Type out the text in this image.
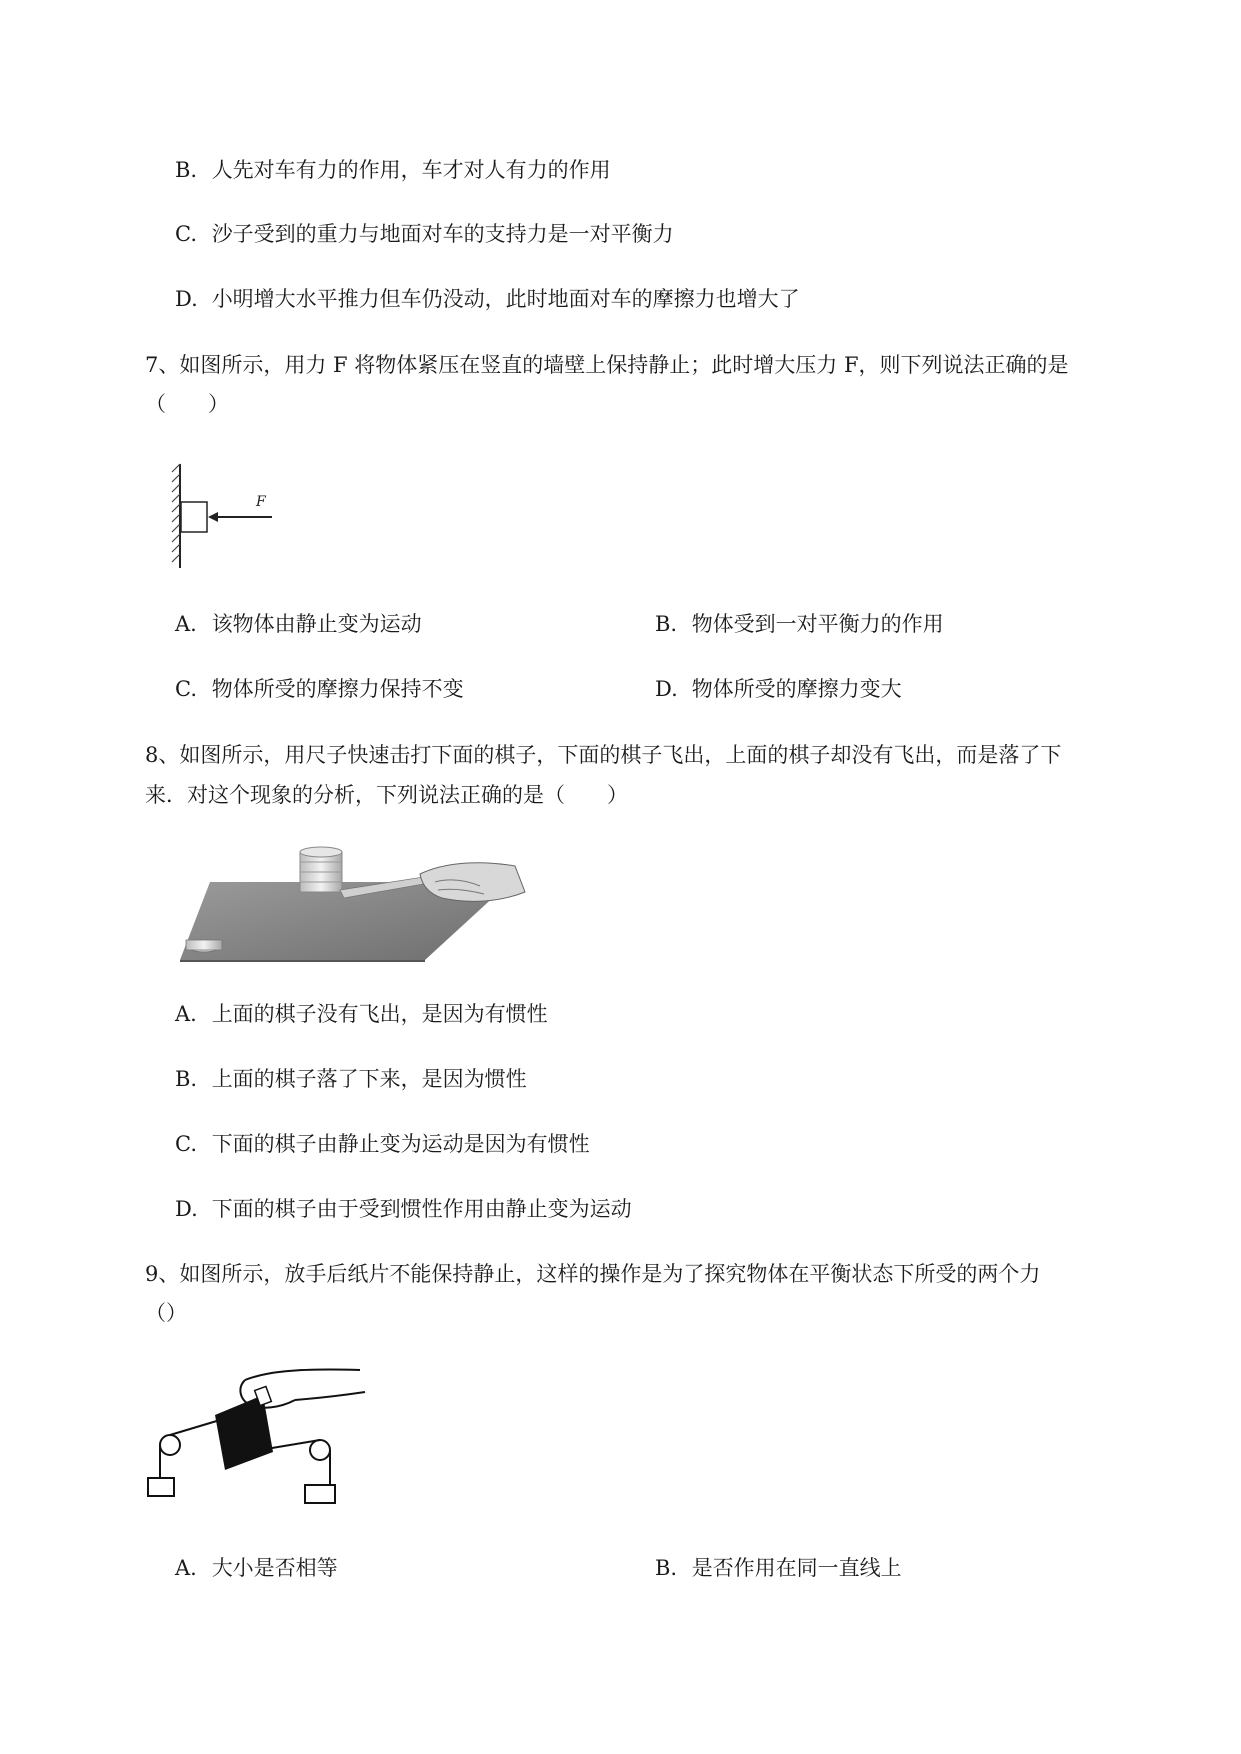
B. 人先对车有力的作用，车才对人有力的作用
C. 沙子受到的重力与地面对车的支持力是一对平衡力
D. 小明增大水平推力但车仍没动，此时地面对车的摩擦力也增大了
7、如图所示，用力 F 将物体紧压在竖直的墙壁上保持静止；此时增大压力 F，则下列说法正确的是
（　　）
F
A. 该物体由静止变为运动	B. 物体受到一对平衡力的作用
C. 物体所受的摩擦力保持不变	D. 物体所受的摩擦力变大
8、如图所示，用尺子快速击打下面的棋子，下面的棋子飞出，上面的棋子却没有飞出，而是落了下
来．对这个现象的分析，下列说法正确的是（　　）
A. 上面的棋子没有飞出，是因为有惯性
B. 上面的棋子落了下来，是因为惯性
C. 下面的棋子由静止变为运动是因为有惯性
D. 下面的棋子由于受到惯性作用由静止变为运动
9、如图所示，放手后纸片不能保持静止，这样的操作是为了探究物体在平衡状态下所受的两个力
（）
A. 大小是否相等	B. 是否作用在同一直线上
